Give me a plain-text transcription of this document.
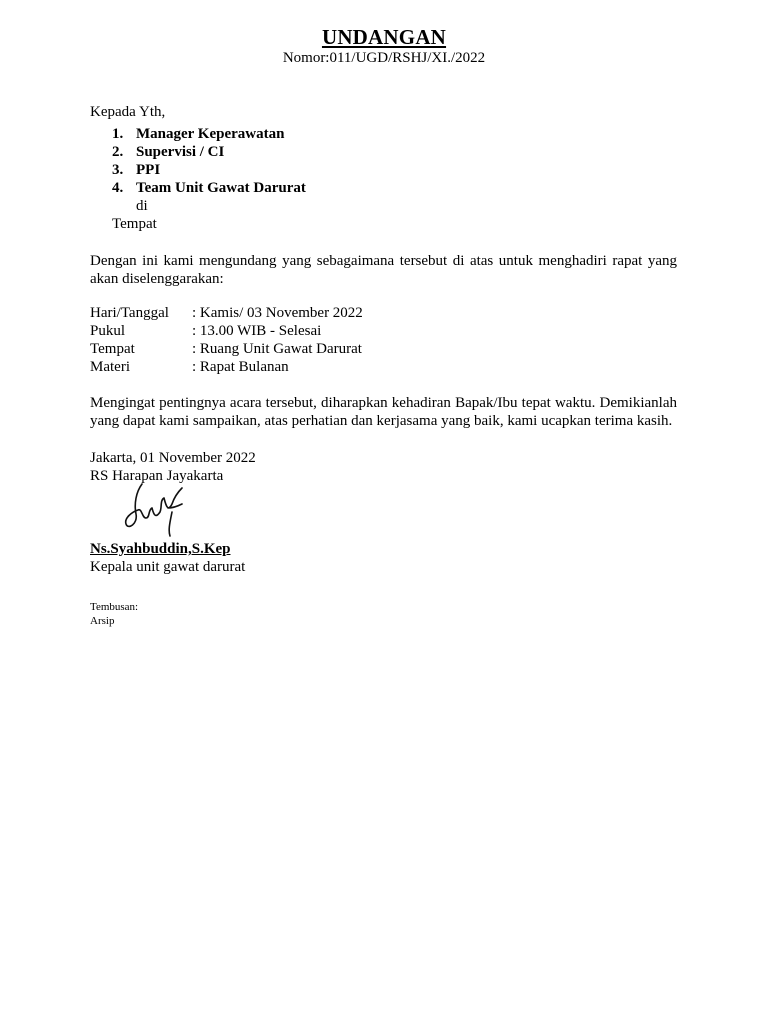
UNDANGAN
Nomor:011/UGD/RSHJ/XI./2022
Kepada Yth,
1. Manager Keperawatan
2. Supervisi / CI
3. PPI
4. Team Unit Gawat Darurat
di
Tempat
Dengan ini kami mengundang yang sebagaimana tersebut di atas untuk menghadiri rapat yang akan diselenggarakan:
Hari/Tanggal	: Kamis/ 03 November 2022
Pukul	: 13.00 WIB - Selesai
Tempat	: Ruang Unit Gawat Darurat
Materi	: Rapat Bulanan
Mengingat pentingnya acara tersebut, diharapkan kehadiran Bapak/Ibu tepat waktu. Demikianlah yang dapat kami sampaikan, atas perhatian dan kerjasama yang baik, kami ucapkan terima kasih.
Jakarta, 01 November 2022
RS Harapan Jayakarta
Ns.Syahbuddin,S.Kep
Kepala unit gawat darurat
Tembusan:
Arsip
